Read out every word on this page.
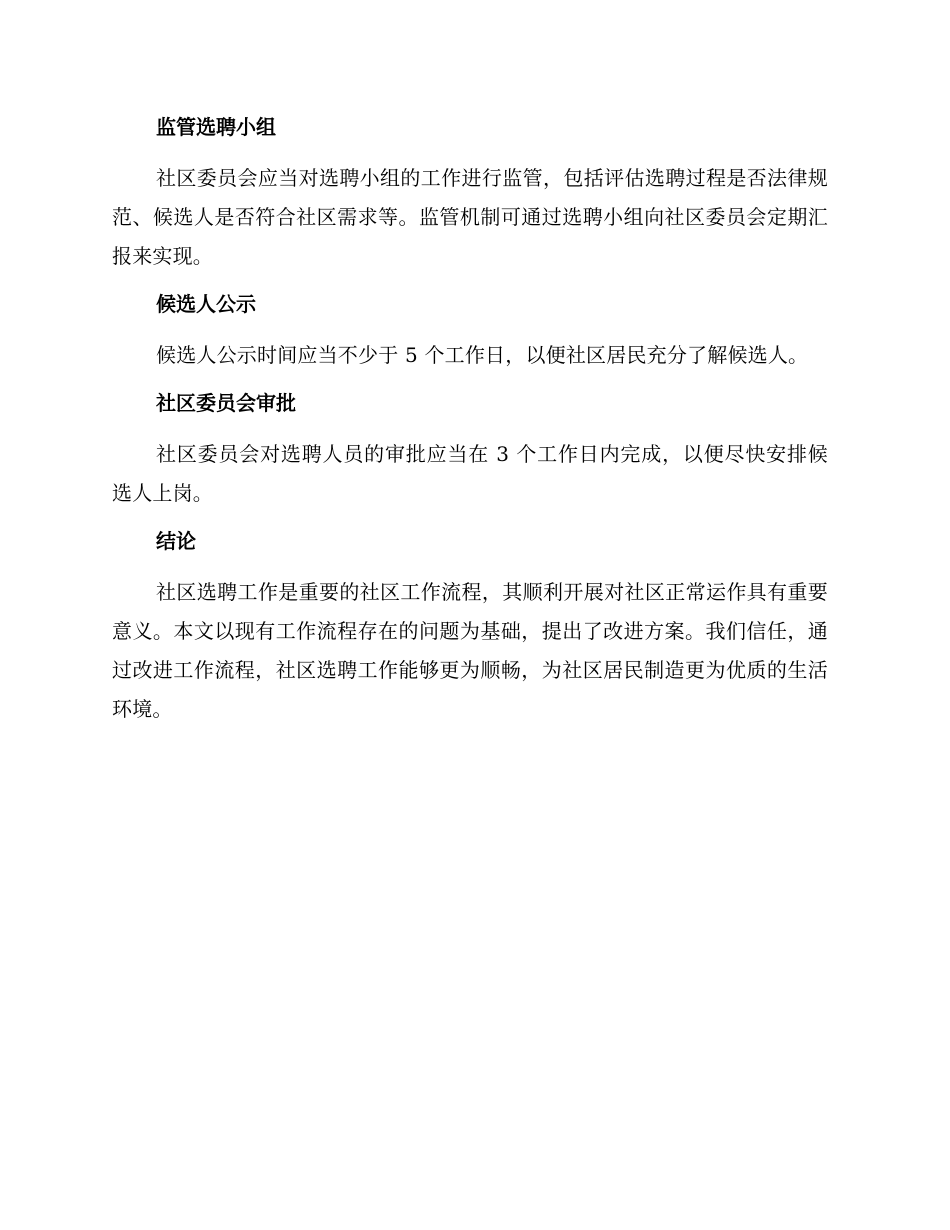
监管选聘小组

社区委员会应当对选聘小组的工作进行监管，包括评估选聘过程是否法律规范、候选人是否符合社区需求等。监管机制可通过选聘小组向社区委员会定期汇报来实现。

候选人公示

候选人公示时间应当不少于 5 个工作日，以便社区居民充分了解候选人。

社区委员会审批

社区委员会对选聘人员的审批应当在 3 个工作日内完成，以便尽快安排候选人上岗。

结论

社区选聘工作是重要的社区工作流程，其顺利开展对社区正常运作具有重要意义。本文以现有工作流程存在的问题为基础，提出了改进方案。我们信任，通过改进工作流程，社区选聘工作能够更为顺畅，为社区居民制造更为优质的生活环境。
